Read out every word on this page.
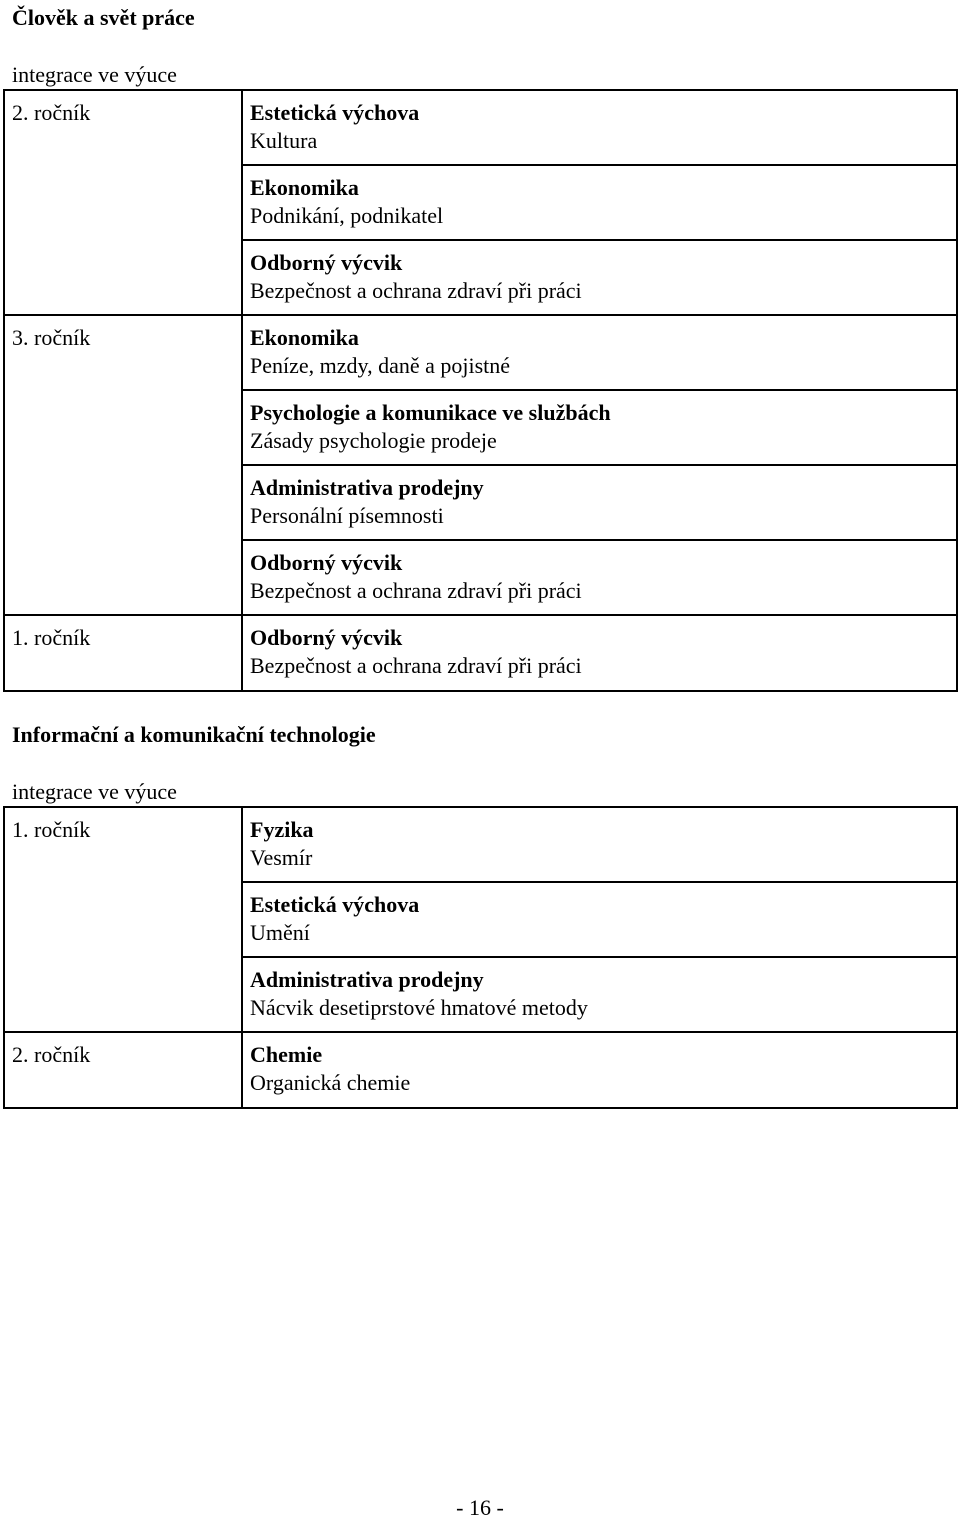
Člověk a svět práce
integrace ve výuce
2. ročník	Estetická výchova
Kultura
Ekonomika
Podnikání, podnikatel
Odborný výcvik
Bezpečnost a ochrana zdraví při práci
3. ročník	Ekonomika
Peníze, mzdy, daně a pojistné
Psychologie a komunikace ve službách
Zásady psychologie prodeje
Administrativa prodejny
Personální písemnosti
Odborný výcvik
Bezpečnost a ochrana zdraví při práci
1. ročník	Odborný výcvik
Bezpečnost a ochrana zdraví při práci
Informační a komunikační technologie
integrace ve výuce
1. ročník	Fyzika
Vesmír
Estetická výchova
Umění
Administrativa prodejny
Nácvik desetiprstové hmatové metody
2. ročník	Chemie
Organická chemie
- 16 -
